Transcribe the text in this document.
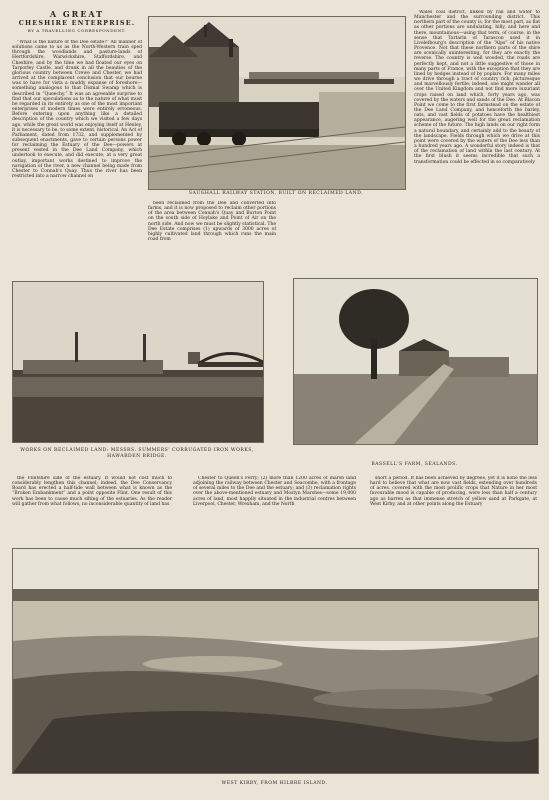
A GREAT
CHESHIRE ENTERPRISE.
BY A TRAVELLING CORRESPONDENT.

“What is the nature of the Dee estate?” All manner of solutions came to us as the North-Western train sped through the woodlands and pasture-lands of Hertfordshire, Warwickshire, Staffordshire, and Cheshire, and by the time we had floated our eyes on Tarporley Castle, and drunk in all the beauties of the glorious country between Crewe and Chester, we had arrived at the complacent conclusion that our bourne was to have for vista a muddy expanse of foreshore—something analogous to that Dismal Swamp which is described in “Queechy.” It was an agreeable surprise to find that our speculations as to the nature of what must be regarded in its entirety as one of the most important enterprises of modern times were entirely erroneous. Before entering upon anything like a detailed description of the country which we visited a few days ago, while the great world was enjoying itself at Henley, it is necessary to be, to some extent, historical. An Act of Parliament, dated from 1732, and supplemented by subsequent enactments, gave to certain persons power for reclaiming the Estuary of the Dee—powers at present vested in the Dee Land Company, which undertook to execute, and did execute, at a very great outlay, important works destined to improve the navigation of the river, a new channel being made from Chester to Connah's Quay. Thus the river has been restricted into a narrow channel on

SAUGHALL RAILWAY STATION, BUILT ON RECLAIMED LAND.

been reclaimed from the Dee and converted into farms, and it is now proposed to reclaim other portions of the area between Connah's Quay and Burton Point on the south side of Hoylake and Point of Air on the north side. And now we must be slightly statistical. The Dee Estate comprises (1) upwards of 3000 acres of highly cultivated land through which runs the main road from

Wales coal district, linked by rail and water to Manchester and the surrounding district. This northern part of the county is, for the most part, as flat as other portions are undulating, hilly, and here and there, mountainous—using that term, of course, in the sense that Tartarin of Tarascon used it in Livelefbourg's description of the “Alps” of his native Provence. Not that these northern parts of the shire are scenically uninteresting, for they are exactly the reverse. The country is well wooded, the roads are perfectly kept, and not a little suggestive of those in many parts of France, with the exception that they are lined by hedges instead of by poplars. For many miles we drive through a tract of country rich, picturesque and marvellously fertile; indeed, one might wander all over the United Kingdom and not find more luxuriant crops raised on land which, forty years ago, was covered by the waters and sands of the Dee. At Blacon Point we come to the first farmstead on the estate of the Dee Land Company, and henceforth the barley, oats, and vast fields of potatoes have the healthiest appearance, augering well for the great reclamation scheme of the future. The high lands on our right form a natural boundary, and certainly add to the beauty of the landscape. Fields through which we drive at this point were covered by the waters of the Dee less than a hundred years ago. A wonderful story indeed is that of the reclamation of land within the last century. At the first blush it seems incredible that such a transformation could be effected in so comparatively

WORKS ON RECLAIMED LAND: MESSRS. SUMMERS' CORRUGATED IRON WORKS,
HAWARDEN BRIDGE.
BASSELL'S FARM, SEALANDS.

the Flintshire side of the estuary. It would not cost much to considerably lengthen this channel; indeed, the Dee Conservancy Board has erected a half-tide wall between what is known as the “Broken Embankment” and a point opposite Flint. One result of this work has been to cause much silting of the estuaries. As the reader will gather from what follows, no inconsiderable quantity of land has

Chester to Queen's Ferry; (2) more than 1200 acres of marsh land adjoining the railway between Chester and Seacombe, with a frontage of several miles to the Dee and the estuary; and (3) reclamation rights over the above-mentioned estuary and Mostyn Marshes—some 19,000 acres of land, most happily situated in the industrial centres between Liverpool, Chester, Wrexham, and the North

short a period. It has been achieved by degrees, yet it is none the less hard to believe that what are now vast fields, extending over hundreds of acres, covered with the most prolific crops that Nature in her most favourable mood is capable of producing, were less than half a century ago as barren as that immense stretch of yellow sand at Parkgate, at West Kirby, and at other points along the Estuary

WEST KIRBY, FROM HILBRE ISLAND.
